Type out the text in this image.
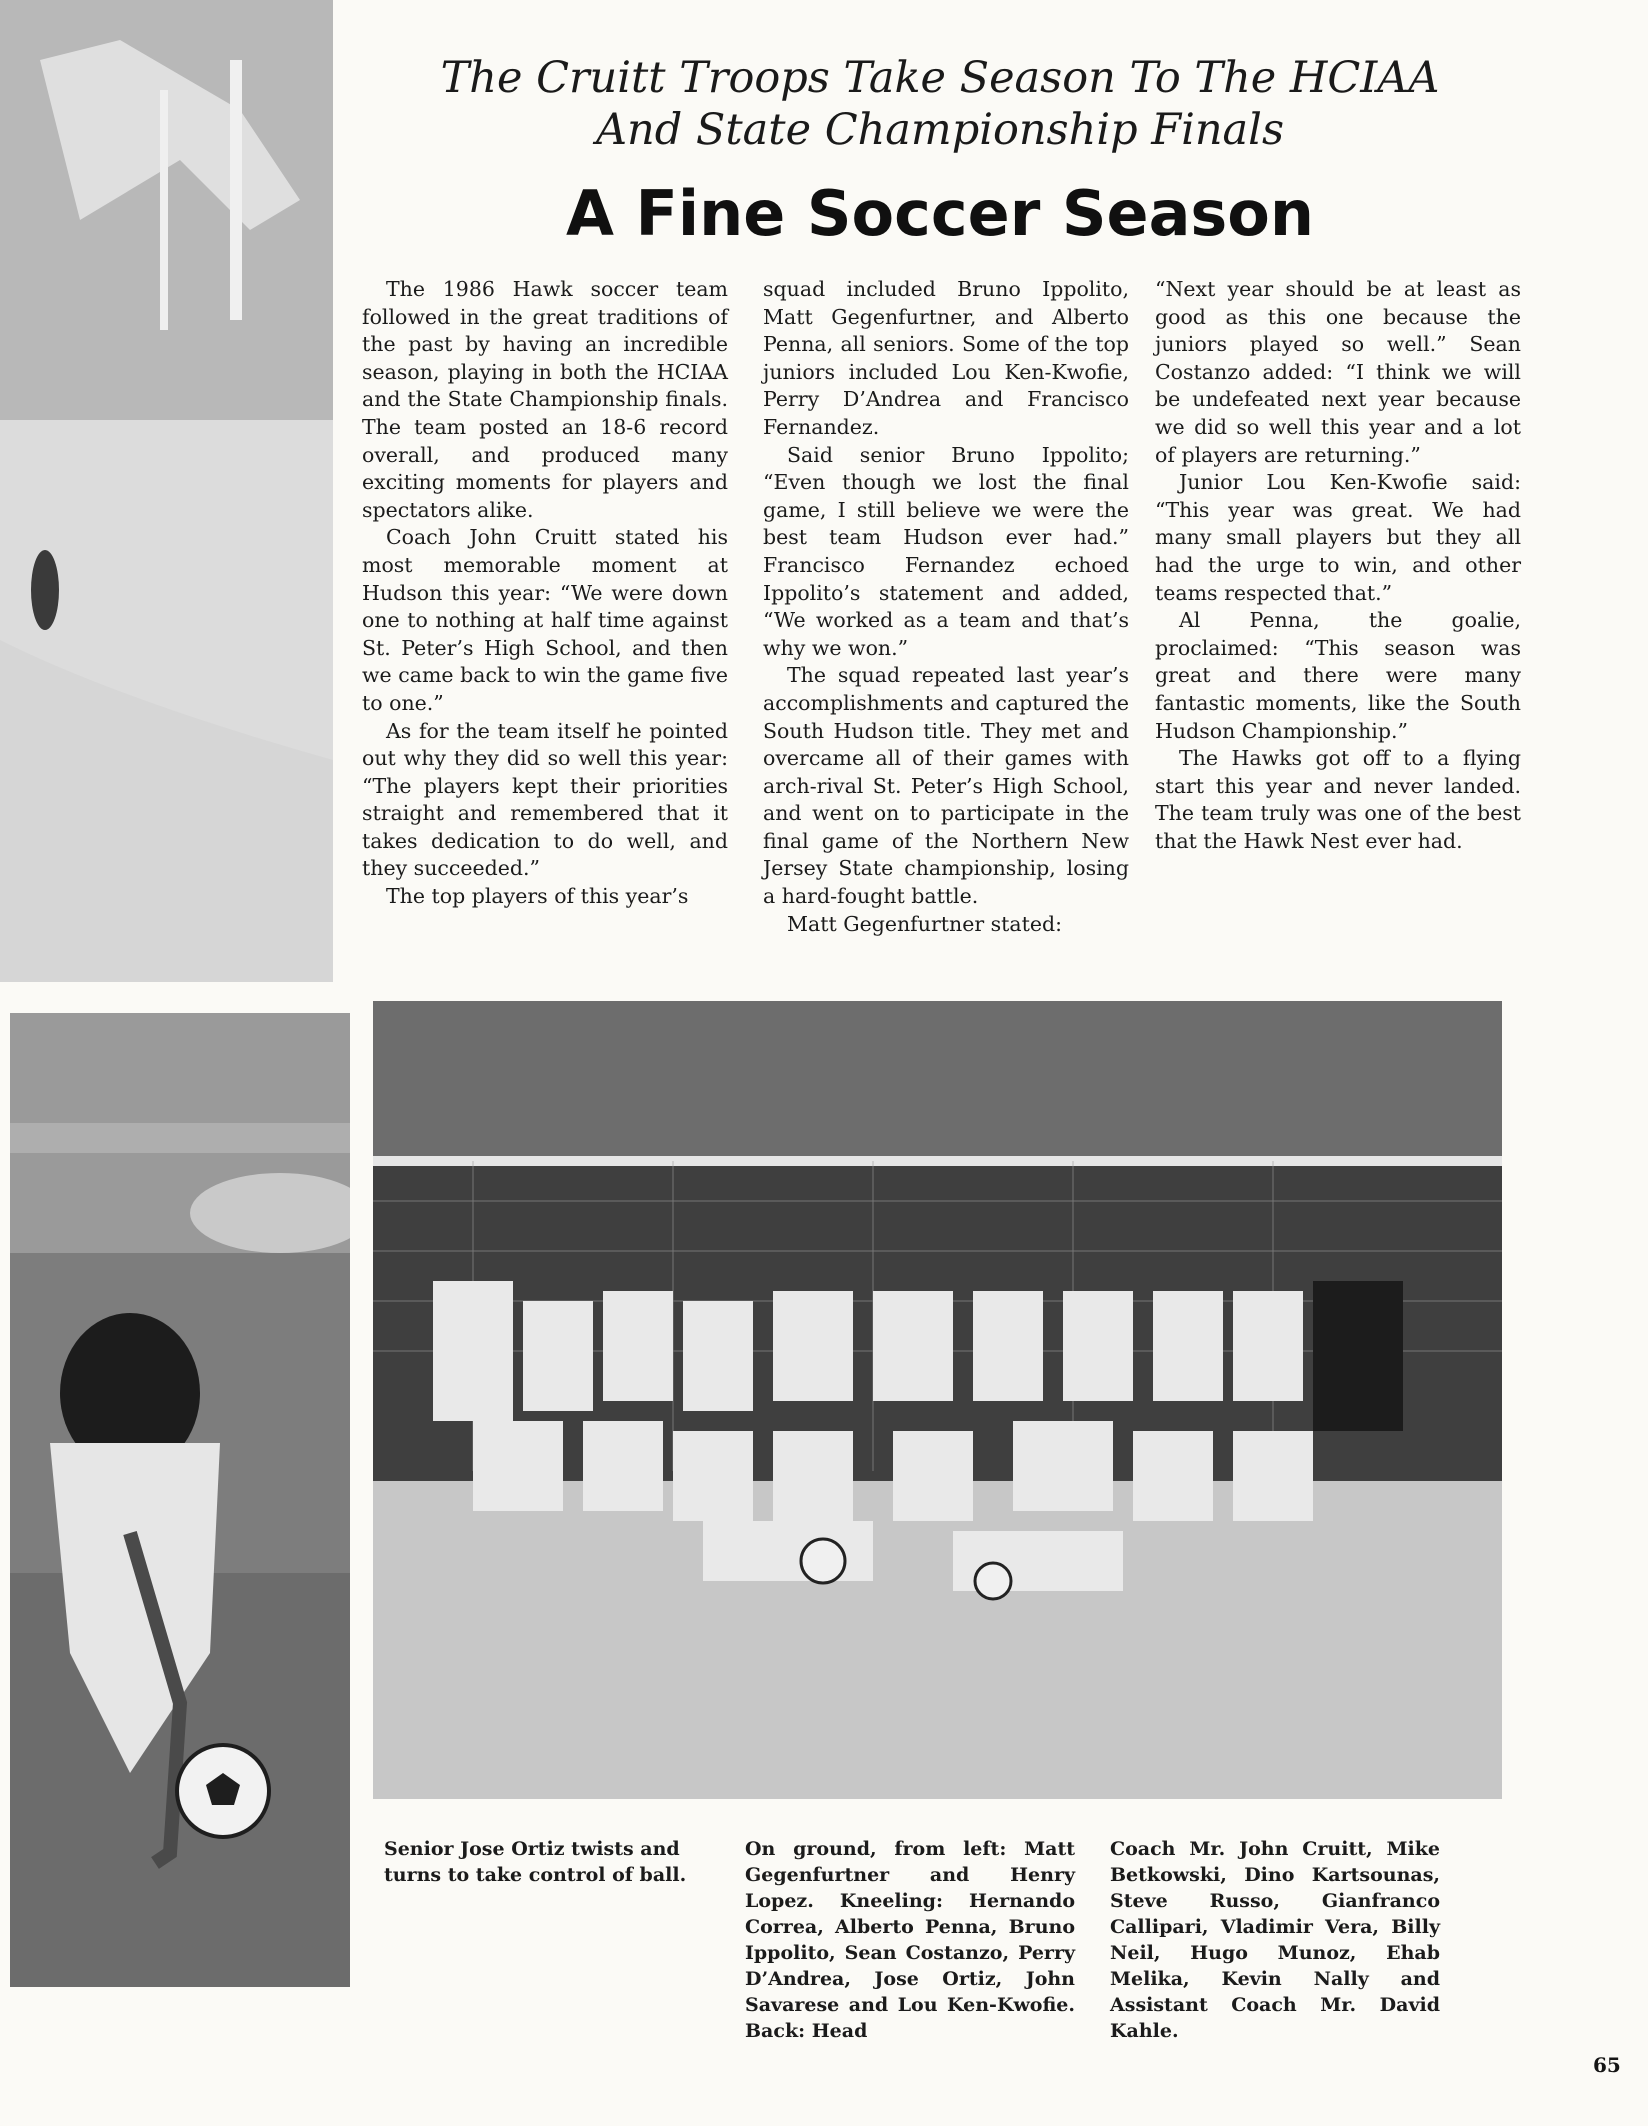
The Cruitt Troops Take Season To The HCIAA
And State Championship Finals
A Fine Soccer Season

The 1986 Hawk soccer team followed in the great traditions of the past by having an incredible season, playing in both the HCIAA and the State Championship finals. The team posted an 18-6 record overall, and produced many exciting moments for players and spectators alike.

Coach John Cruitt stated his most memorable moment at Hudson this year: “We were down one to nothing at half time against St. Peter’s High School, and then we came back to win the game five to one.”

As for the team itself he pointed out why they did so well this year: “The players kept their priorities straight and remembered that it takes dedication to do well, and they succeeded.”

The top players of this year’s

squad included Bruno Ippolito, Matt Gegenfurtner, and Alberto Penna, all seniors. Some of the top juniors included Lou Ken-Kwofie, Perry D’Andrea and Francisco Fernandez.

Said senior Bruno Ippolito; “Even though we lost the final game, I still believe we were the best team Hudson ever had.” Francisco Fernandez echoed Ippolito’s statement and added, “We worked as a team and that’s why we won.”

The squad repeated last year’s accomplishments and captured the South Hudson title. They met and overcame all of their games with arch-rival St. Peter’s High School, and went on to participate in the final game of the Northern New Jersey State championship, losing a hard-fought battle.

Matt Gegenfurtner stated:

“Next year should be at least as good as this one because the juniors played so well.” Sean Costanzo added: “I think we will be undefeated next year because we did so well this year and a lot of players are returning.”

Junior Lou Ken-Kwofie said: “This year was great. We had many small players but they all had the urge to win, and other teams respected that.”

Al Penna, the goalie, proclaimed: “This season was great and there were many fantastic moments, like the South Hudson Championship.”

The Hawks got off to a flying start this year and never landed. The team truly was one of the best that the Hawk Nest ever had.

Senior Jose Ortiz twists and turns to take control of ball.
On ground, from left: Matt Gegenfurtner and Henry Lopez. Kneeling: Hernando Correa, Alberto Penna, Bruno Ippolito, Sean Costanzo, Perry D’Andrea, Jose Ortiz, John Savarese and Lou Ken-Kwofie. Back: Head
Coach Mr. John Cruitt, Mike Betkowski, Dino Kartsounas, Steve Russo, Gianfranco Callipari, Vladimir Vera, Billy Neil, Hugo Munoz, Ehab Melika, Kevin Nally and Assistant Coach Mr. David Kahle.
65
